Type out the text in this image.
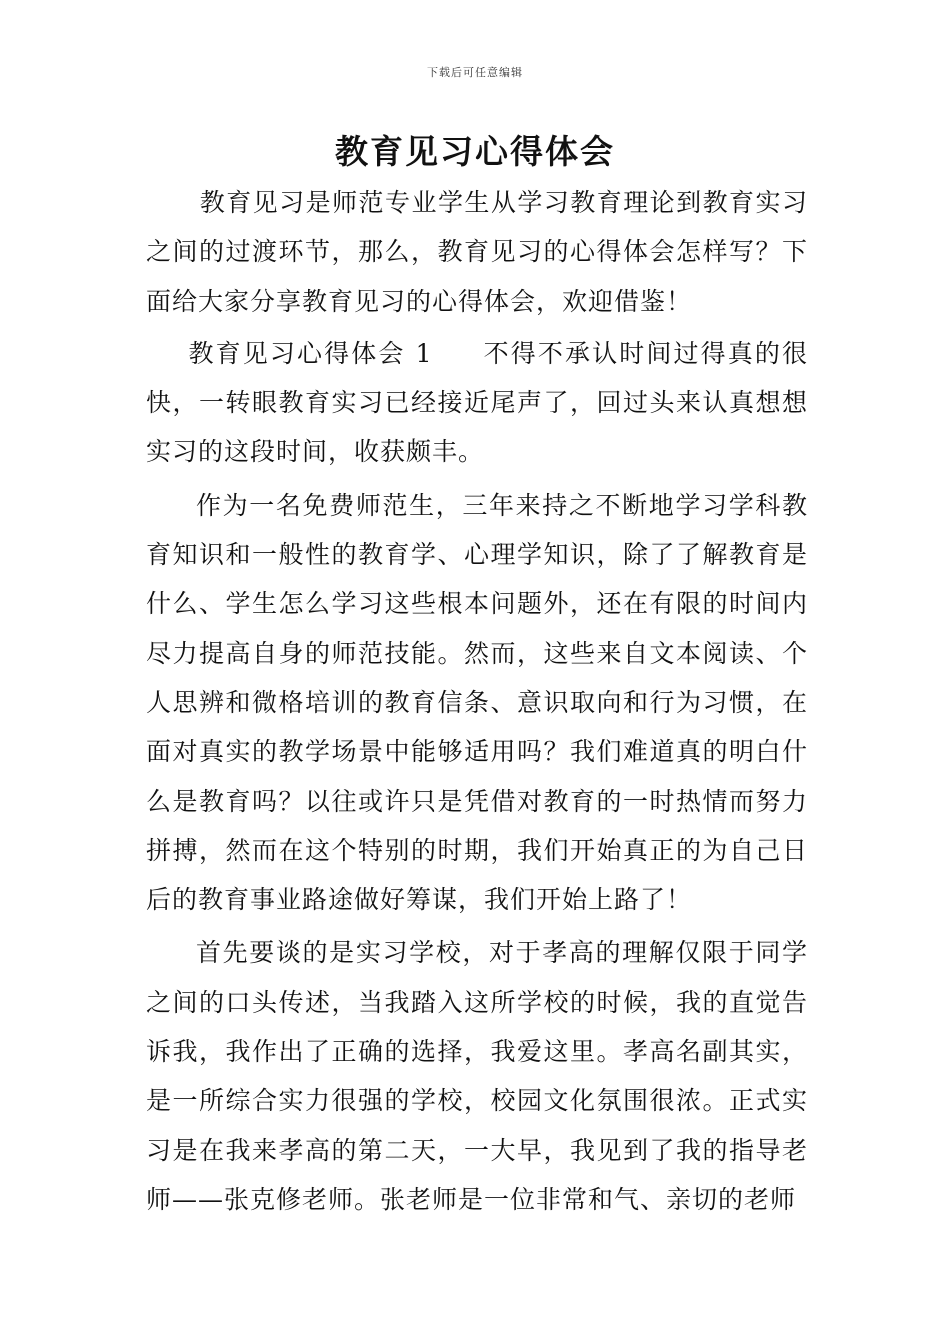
下载后可任意编辑
教育见习心得体会

教育见习是师范专业学生从学习教育理论到教育实习之间的过渡环节，那么，教育见习的心得体会怎样写？下面给大家分享教育见习的心得体会，欢迎借鉴！

教育见习心得体会 1 不得不承认时间过得真的很快，一转眼教育实习已经接近尾声了，回过头来认真想想实习的这段时间，收获颇丰。

作为一名免费师范生，三年来持之不断地学习学科教育知识和一般性的教育学、心理学知识，除了了解教育是什么、学生怎么学习这些根本问题外，还在有限的时间内尽力提高自身的师范技能。然而，这些来自文本阅读、个人思辨和微格培训的教育信条、意识取向和行为习惯，在面对真实的教学场景中能够适用吗？我们难道真的明白什么是教育吗？以往或许只是凭借对教育的一时热情而努力拼搏，然而在这个特别的时期，我们开始真正的为自己日后的教育事业路途做好筹谋，我们开始上路了！

首先要谈的是实习学校，对于孝高的理解仅限于同学之间的口头传述，当我踏入这所学校的时候，我的直觉告诉我，我作出了正确的选择，我爱这里。孝高名副其实，是一所综合实力很强的学校，校园文化氛围很浓。正式实习是在我来孝高的第二天，一大早，我见到了我的指导老师——张克修老师。张老师是一位非常和气、亲切的老师
